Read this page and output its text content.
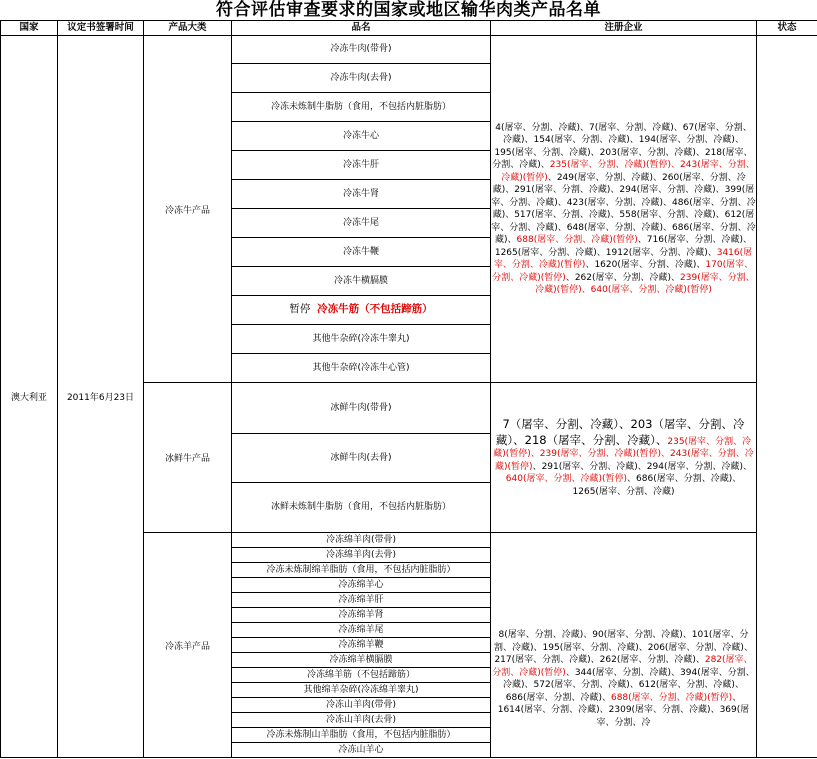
符合评估审查要求的国家或地区输华肉类产品名单
国家	议定书签署时间	产品大类	品名	注册企业	状态
澳大利亚	2011年6月23日	冷冻牛产品	冷冻牛肉(带骨)	4(屠宰、分割、冷藏)、7(屠宰、分割、冷藏)、67(屠宰、分割、冷藏)、154(屠宰、分割、冷藏)、194(屠宰、分割、冷藏)、195(屠宰、分割、冷藏)、203(屠宰、分割、冷藏)、218(屠宰、分割、冷藏)、235(屠宰、分割、冷藏)(暂停)、243(屠宰、分割、冷藏)(暂停)、249(屠宰、分割、冷藏)、260(屠宰、分割、冷藏)、291(屠宰、分割、冷藏)、294(屠宰、分割、冷藏)、399(屠宰、分割、冷藏)、423(屠宰、分割、冷藏)、486(屠宰、分割、冷藏)、517(屠宰、分割、冷藏)、558(屠宰、分割、冷藏)、612(屠宰、分割、冷藏)、648(屠宰、分割、冷藏)、686(屠宰、分割、冷藏)、688(屠宰、分割、冷藏)(暂停)、716(屠宰、分割、冷藏)、1265(屠宰、分割、冷藏)、1912(屠宰、分割、冷藏)、3416(屠宰、分割、冷藏)(暂停)、1620(屠宰、分割、冷藏)、170(屠宰、分割、冷藏)(暂停)、262(屠宰、分割、冷藏)、239(屠宰、分割、冷藏)(暂停)、640(屠宰、分割、冷藏)(暂停)	
			冷冻牛肉(去骨)		
			冷冻未炼制牛脂肪（食用，不包括内脏脂肪）		
			冷冻牛心		
			冷冻牛肝		
			冷冻牛肾		
			冷冻牛尾		
			冷冻牛鞭		
			冷冻牛横膈膜		
			暂停 冷冻牛筋（不包括蹄筋）		
			其他牛杂碎(冷冻牛睾丸)		
			其他牛杂碎(冷冻牛心管)		
		冰鲜牛产品	冰鲜牛肉(带骨)	7（屠宰、分割、冷藏）、203（屠宰、分割、冷藏）、218（屠宰、分割、冷藏）、235(屠宰、分割、冷藏)(暂停)、239(屠宰、分割、冷藏)(暂停)、243(屠宰、分割、冷藏)(暂停)、291(屠宰、分割、冷藏)、294(屠宰、分割、冷藏)、640(屠宰、分割、冷藏)(暂停)、686(屠宰、分割、冷藏)、1265(屠宰、分割、冷藏)	
			冰鲜牛肉(去骨)		
			冰鲜未炼制牛脂肪（食用，不包括内脏脂肪）		
		冷冻羊产品	冷冻绵羊肉(带骨)	8(屠宰、分割、冷藏)、90(屠宰、分割、冷藏)、101(屠宰、分割、冷藏)、195(屠宰、分割、冷藏)、206(屠宰、分割、冷藏)、217(屠宰、分割、冷藏)、262(屠宰、分割、冷藏)、282(屠宰、分割、冷藏)(暂停)、344(屠宰、分割、冷藏)、394(屠宰、分割、冷藏)、572(屠宰、分割、冷藏)、612(屠宰、分割、冷藏)、686(屠宰、分割、冷藏)、688(屠宰、分割、冷藏)(暂停)、1614(屠宰、分割、冷藏)、2309(屠宰、分割、冷藏)、369(屠宰、分割、冷	
			冷冻绵羊肉(去骨)		
			冷冻未炼制绵羊脂肪（食用，不包括内脏脂肪）		
			冷冻绵羊心		
			冷冻绵羊肝		
			冷冻绵羊肾		
			冷冻绵羊尾		
			冷冻绵羊鞭		
			冷冻绵羊横膈膜		
			冷冻绵羊筋（不包括蹄筋）		
			其他绵羊杂碎(冷冻绵羊睾丸)		
			冷冻山羊肉(带骨)		
			冷冻山羊肉(去骨)		
			冷冻未炼制山羊脂肪（食用，不包括内脏脂肪）		
			冷冻山羊心		
